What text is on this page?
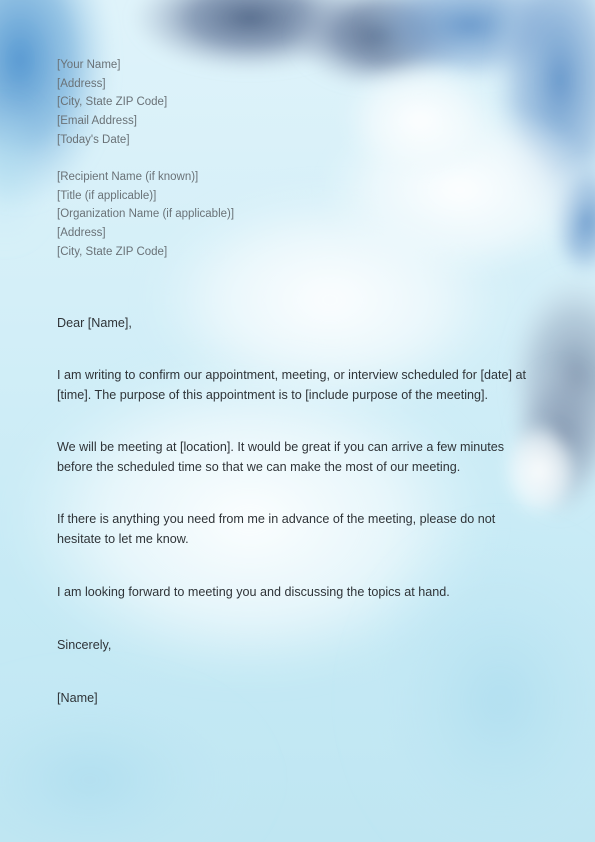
[Your Name]
[Address]
[City, State ZIP Code]
[Email Address]
[Today's Date]
[Recipient Name (if known)]
[Title (if applicable)]
[Organization Name (if applicable)]
[Address]
[City, State ZIP Code]

Dear [Name],

I am writing to confirm our appointment, meeting, or interview scheduled for [date] at [time]. The purpose of this appointment is to [include purpose of the meeting].

We will be meeting at [location]. It would be great if you can arrive a few minutes before the scheduled time so that we can make the most of our meeting.

If there is anything you need from me in advance of the meeting, please do not hesitate to let me know.

I am looking forward to meeting you and discussing the topics at hand.

Sincerely,

[Name]
